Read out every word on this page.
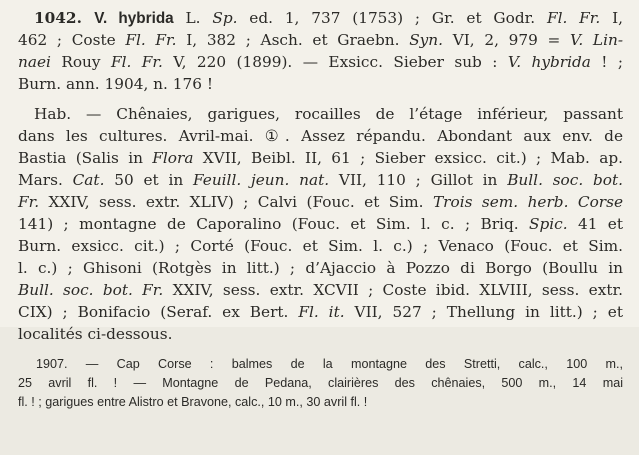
1042. V. hybrida L. Sp. ed. 1, 737 (1753) ; Gr. et Godr. Fl. Fr. I,
462 ; Coste Fl. Fr. I, 382 ; Asch. et Graebn. Syn. VI, 2, 979 = V. Lin-
naei Rouy Fl. Fr. V, 220 (1899). — Exsicc. Sieber sub : V. hybrida ! ;
Burn. ann. 1904, n. 176 !
Hab. — Chênaies, garigues, rocailles de l’étage inférieur, passant
dans les cultures. Avril-mai. ①. Assez répandu. Abondant aux env. de
Bastia (Salis in Flora XVII, Beibl. II, 61 ; Sieber exsicc. cit.) ; Mab. ap.
Mars. Cat. 50 et in Feuill. jeun. nat. VII, 110 ; Gillot in Bull. soc. bot.
Fr. XXIV, sess. extr. XLIV) ; Calvi (Fouc. et Sim. Trois sem. herb. Corse
141) ; montagne de Caporalino (Fouc. et Sim. l. c. ; Briq. Spic. 41 et
Burn. exsicc. cit.) ; Corté (Fouc. et Sim. l. c.) ; Venaco (Fouc. et Sim.
l. c.) ; Ghisoni (Rotgès in litt.) ; d’Ajaccio à Pozzo di Borgo (Boullu in
Bull. soc. bot. Fr. XXIV, sess. extr. XCVII ; Coste ibid. XLVIII, sess. extr.
CIX) ; Bonifacio (Seraf. ex Bert. Fl. it. VII, 527 ; Thellung in litt.) ; et
localités ci-dessous.
1907. — Cap Corse : balmes de la montagne des Stretti, calc., 100 m.,
25 avril fl. ! — Montagne de Pedana, clairières des chênaies, 500 m., 14 mai
fl. ! ; garigues entre Alistro et Bravone, calc., 10 m., 30 avril fl. !
